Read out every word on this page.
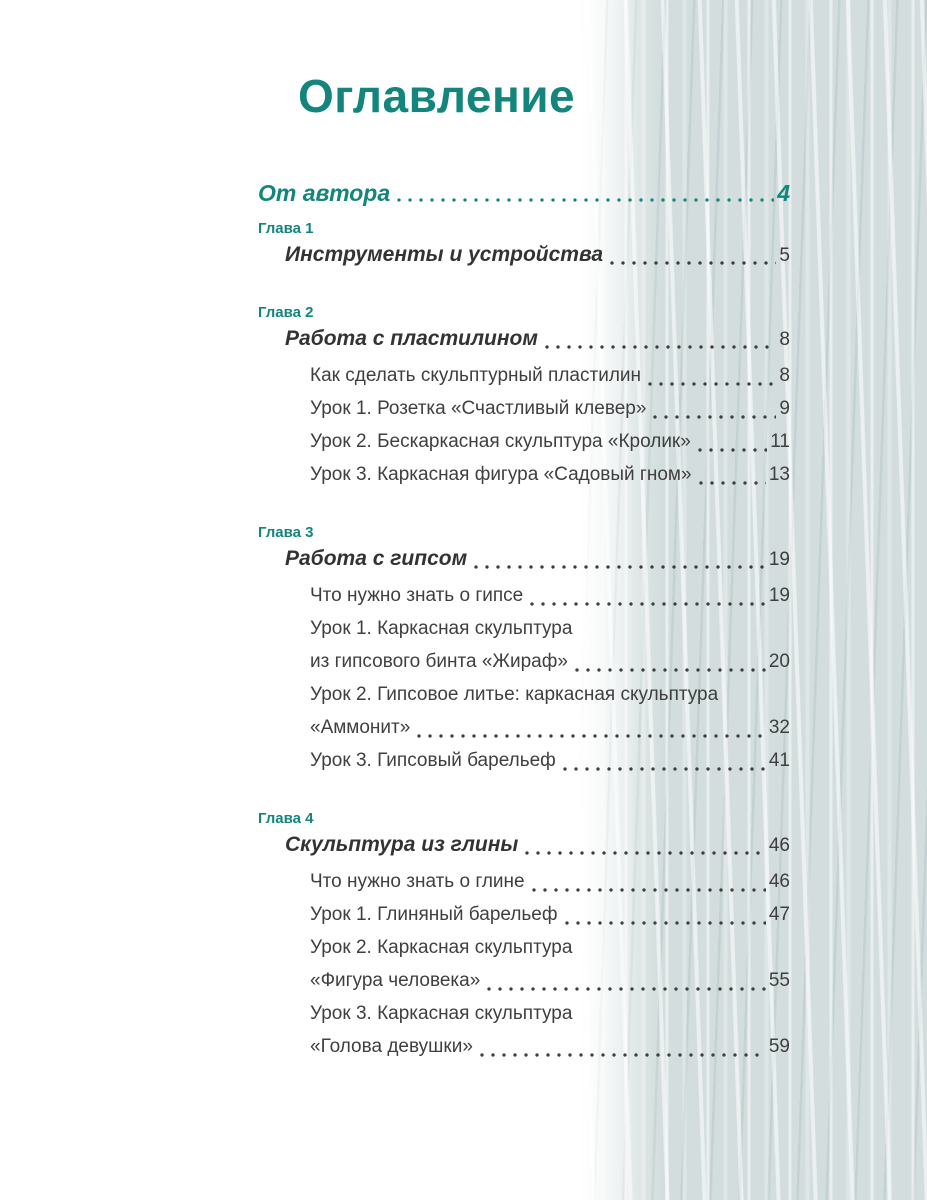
Оглавление
От автора	4
Глава 1
Инструменты и устройства	5
Глава 2
Работа с пластилином	8
Как сделать скульптурный пластилин	8
Урок 1. Розетка «Счастливый клевер»	9
Урок 2. Бескаркасная скульптура «Кролик»	11
Урок 3. Каркасная фигура «Садовый гном»	13
Глава 3
Работа с гипсом	19
Что нужно знать о гипсе	19
Урок 1. Каркасная скульптура
из гипсового бинта «Жираф»	20
Урок 2. Гипсовое литье: каркасная скульптура
«Аммонит»	32
Урок 3. Гипсовый барельеф	41
Глава 4
Скульптура из глины	46
Что нужно знать о глине	46
Урок 1. Глиняный барельеф	47
Урок 2. Каркасная скульптура
«Фигура человека»	55
Урок 3. Каркасная скульптура
«Голова девушки»	59
